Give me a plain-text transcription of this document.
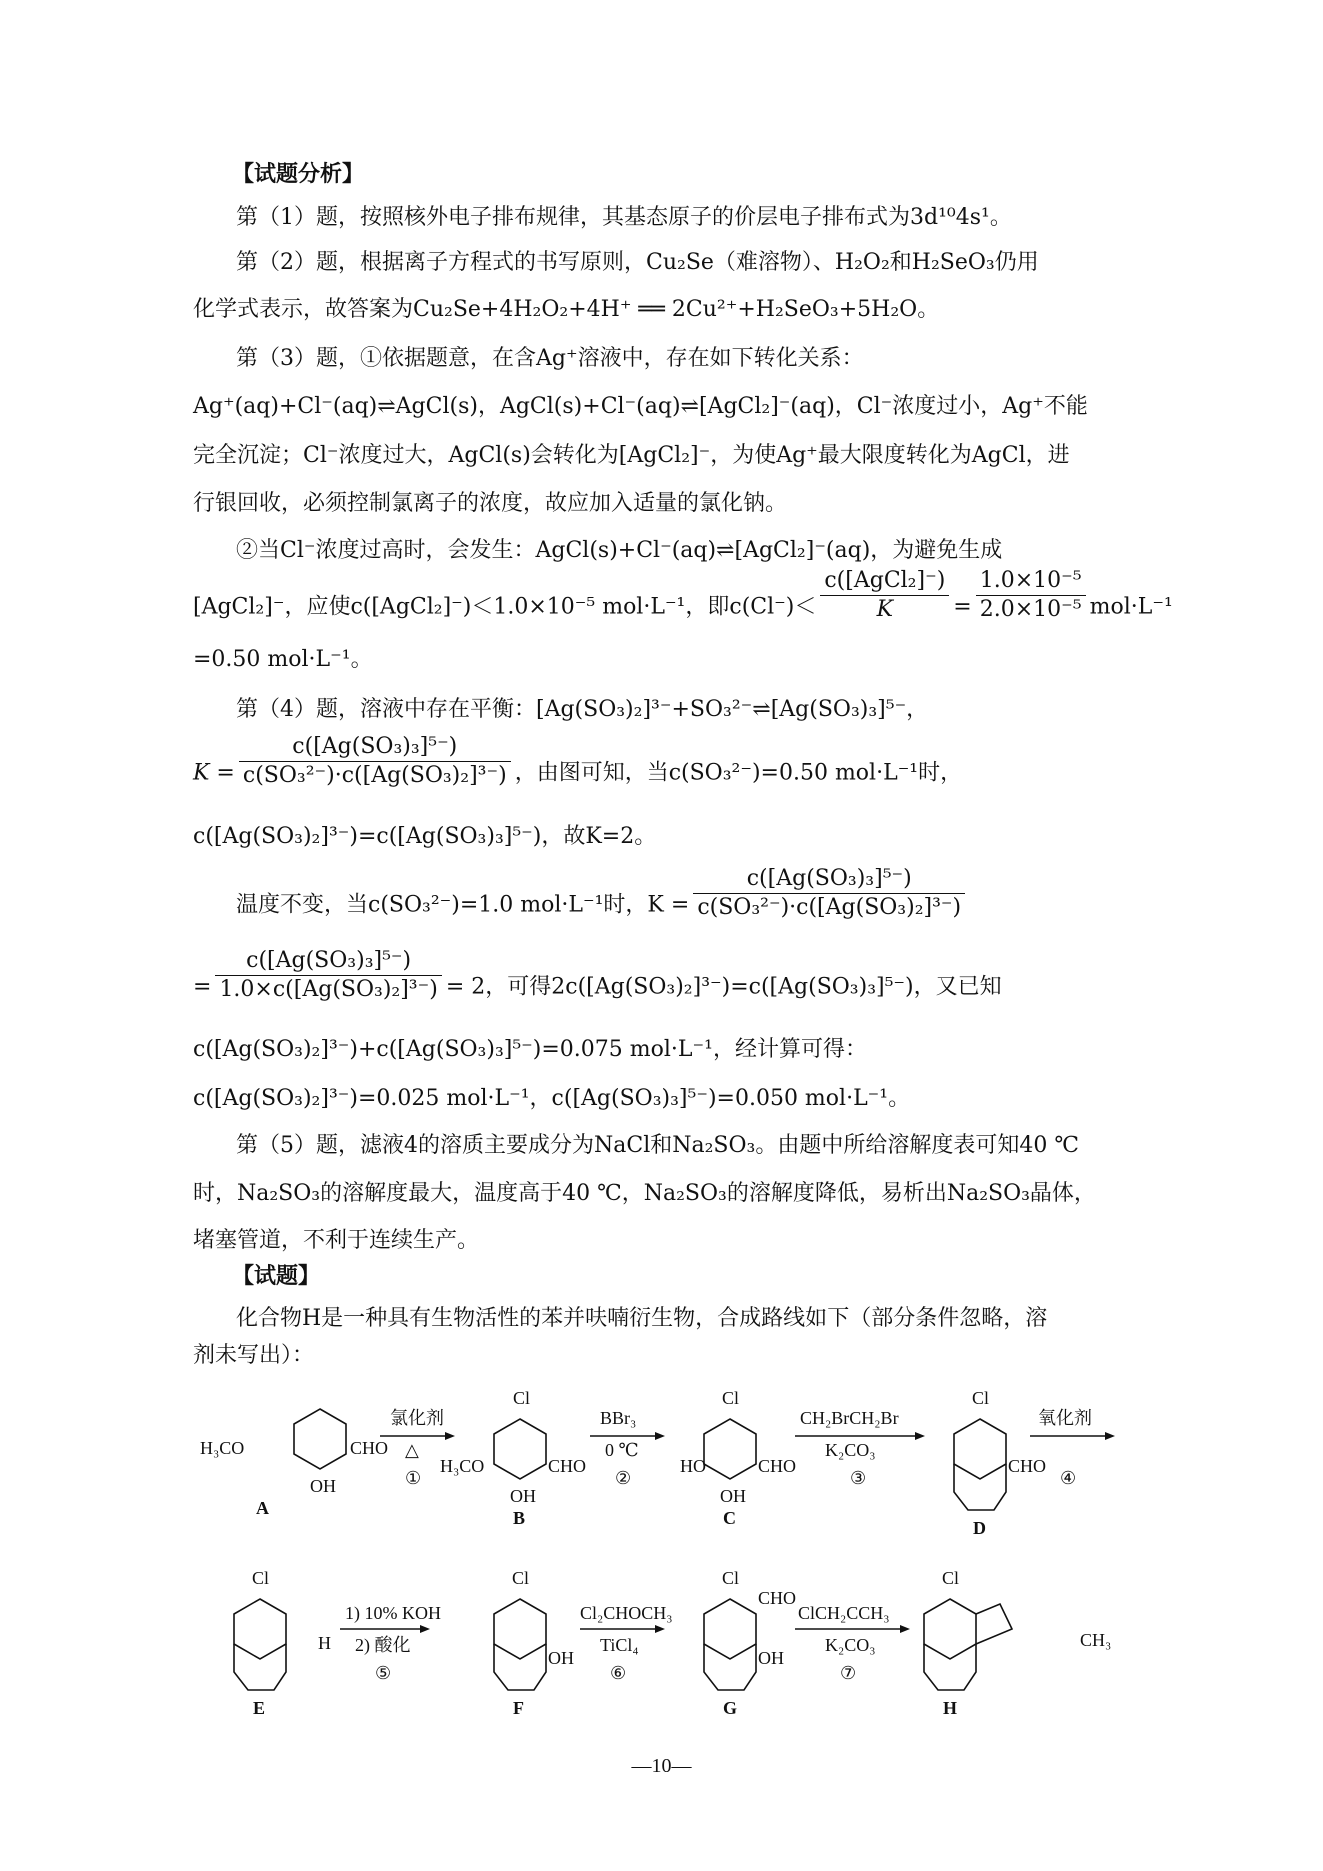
【试题分析】
第（1）题，按照核外电子排布规律，其基态原子的价层电子排布式为3d¹⁰4s¹。
第（2）题，根据离子方程式的书写原则，Cu₂Se（难溶物）、H₂O₂和H₂SeO₃仍用
化学式表示，故答案为Cu₂Se+4H₂O₂+4H⁺ ══ 2Cu²⁺+H₂SeO₃+5H₂O。
第（3）题，①依据题意，在含Ag⁺溶液中，存在如下转化关系：
Ag⁺(aq)+Cl⁻(aq)⇌AgCl(s)，AgCl(s)+Cl⁻(aq)⇌[AgCl₂]⁻(aq)，Cl⁻浓度过小，Ag⁺不能
完全沉淀；Cl⁻浓度过大，AgCl(s)会转化为[AgCl₂]⁻，为使Ag⁺最大限度转化为AgCl，进
行银回收，必须控制氯离子的浓度，故应加入适量的氯化钠。
②当Cl⁻浓度过高时，会发生：AgCl(s)+Cl⁻(aq)⇌[AgCl₂]⁻(aq)，为避免生成
[AgCl₂]⁻，应使c([AgCl₂]⁻)＜1.0×10⁻⁵ mol·L⁻¹，即$c(Cl^-)< \frac{\text{c([AgCl₂]⁻)}}{K} = \frac{\text{1.0×10⁻⁵}}{\text{2.0×10⁻⁵}} mol\cdot L^{-1}$
=0.50 mol·L⁻¹。
第（4）题，溶液中存在平衡：[Ag(SO₃)₂]³⁻+SO₃²⁻⇌[Ag(SO₃)₃]⁵⁻，
$K = \frac{\text{c([Ag(SO₃)₃]⁵⁻)}}{\text{c(SO₃²⁻)·c([Ag(SO₃)₂]³⁻)}}$ ，由图可知，当c(SO₃²⁻)=0.50 mol·L⁻¹时，
c([Ag(SO₃)₂]³⁻)=c([Ag(SO₃)₃]⁵⁻)，故K=2。
温度不变，当c(SO₃²⁻)=1.0 mol·L⁻¹时，$K = \frac{\text{c([Ag(SO₃)₃]⁵⁻)}}{\text{c(SO₃²⁻)·c([Ag(SO₃)₂]³⁻)}}$
= $\frac{\text{c([Ag(SO₃)₃]⁵⁻)}}{\text{1.0×c([Ag(SO₃)₂]³⁻)}} = 2$，可得2c([Ag(SO₃)₂]³⁻)=c([Ag(SO₃)₃]⁵⁻)，又已知
c([Ag(SO₃)₂]³⁻)+c([Ag(SO₃)₃]⁵⁻)=0.075 mol·L⁻¹，经计算可得：
c([Ag(SO₃)₂]³⁻)=0.025 mol·L⁻¹，c([Ag(SO₃)₃]⁵⁻)=0.050 mol·L⁻¹。
第（5）题，滤液4的溶质主要成分为NaCl和Na₂SO₃。由题中所给溶解度表可知40 ℃
时，Na₂SO₃的溶解度最大，温度高于40 ℃，Na₂SO₃的溶解度降低，易析出Na₂SO₃晶体，
堵塞管道，不利于连续生产。
【试题】
化合物H是一种具有生物活性的苯并呋喃衍生物，合成路线如下（部分条件忽略，溶
剂未写出）：
H₃CO
OH
CHO
Cl
H₃CO
OH
CHO
Cl
HO
OH
CHO
Cl
CHO
Cl
H
Cl
OH
Cl
CHO
OH
Cl
CH₃
A	B	C	D
E	F	G	H
氯化剂
△
①
BBr₃
0 ℃
②
CH₂BrCH₂Br
K₂CO₃
③
氧化剂
④
1) 10% KOH
2) 酸化
⑤
Cl₂CHOCH₃
TiCl₄
⑥
ClCH₂CCH₃
K₂CO₃
⑦
—10—
